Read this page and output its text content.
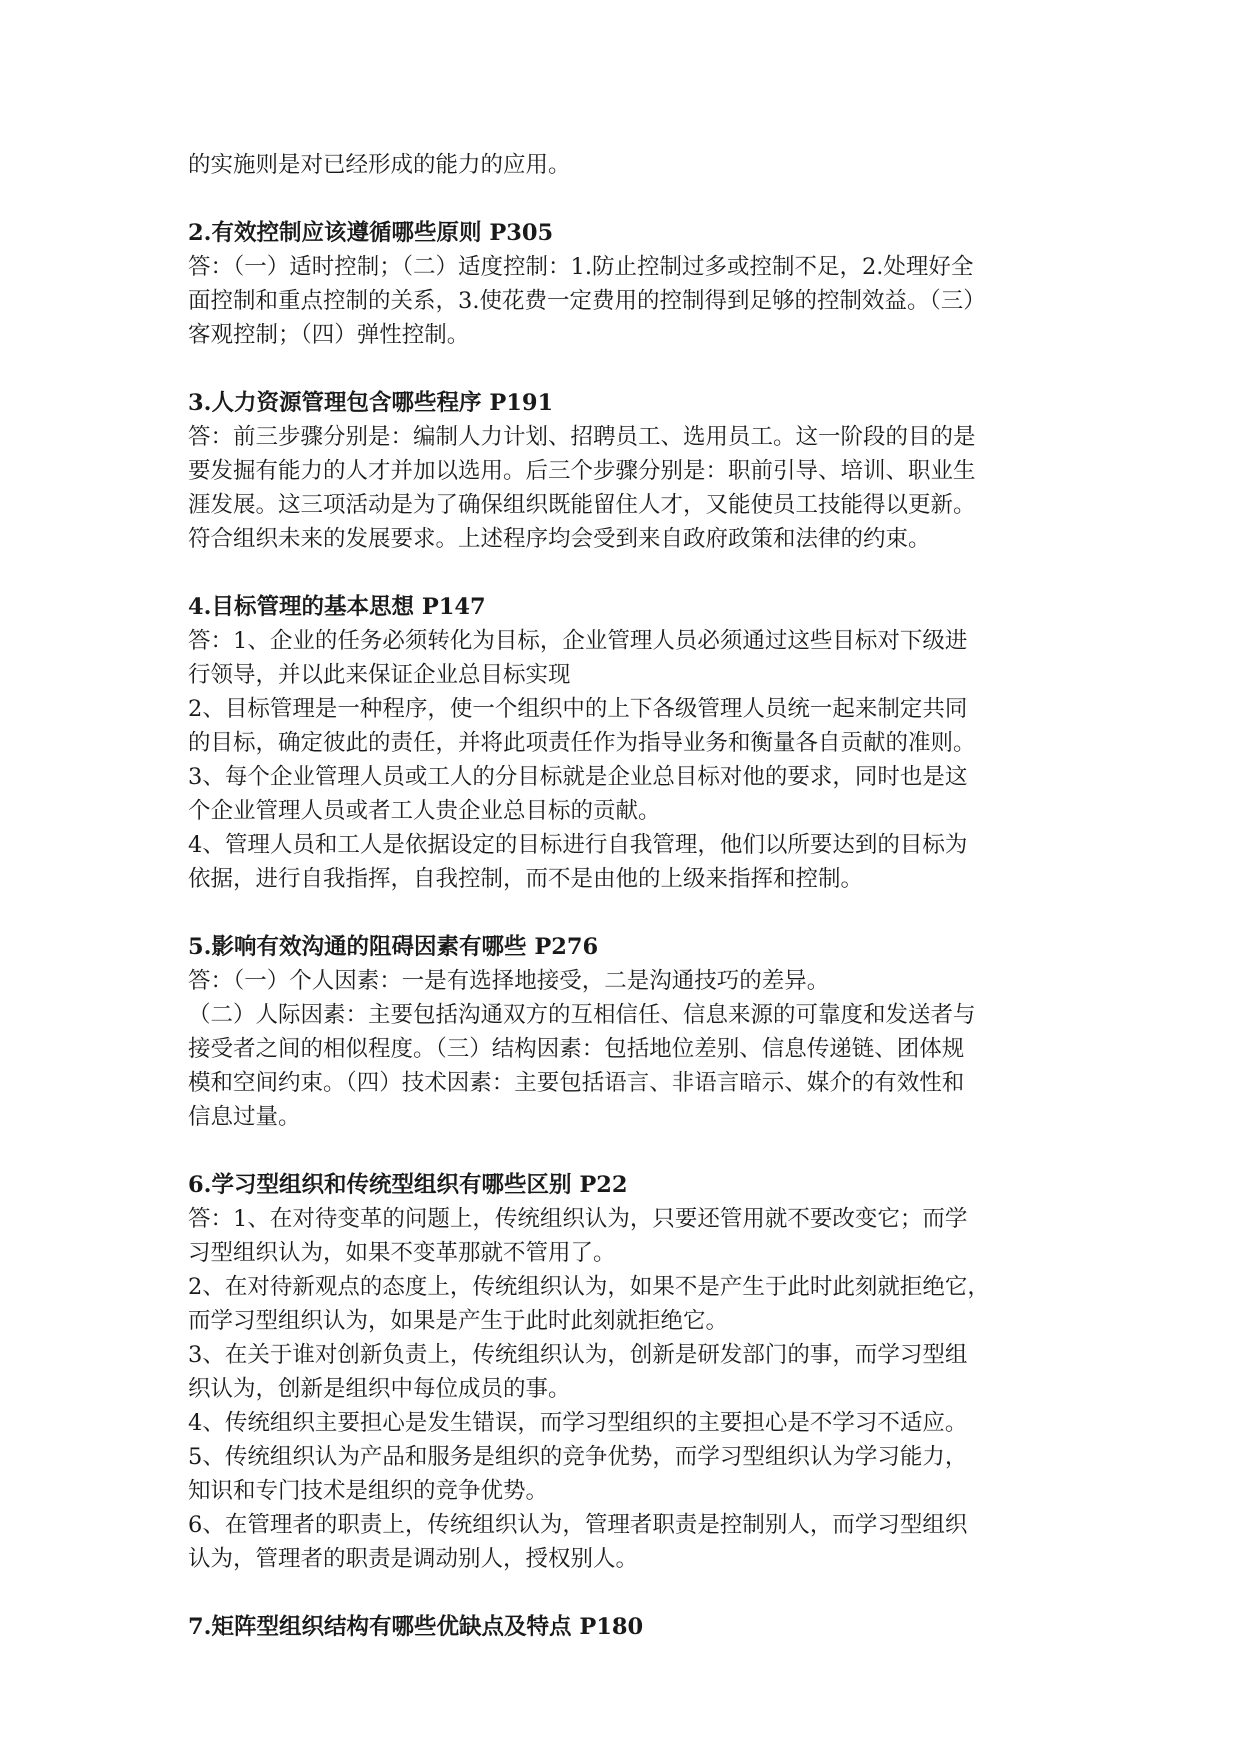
的实施则是对已经形成的能力的应用。
2.有效控制应该遵循哪些原则 P305
答：（一）适时控制；（二）适度控制：1.防止控制过多或控制不足，2.处理好全
面控制和重点控制的关系，3.使花费一定费用的控制得到足够的控制效益。（三）
客观控制；（四）弹性控制。
3.人力资源管理包含哪些程序 P191
答：前三步骤分别是：编制人力计划、招聘员工、选用员工。这一阶段的目的是
要发掘有能力的人才并加以选用。后三个步骤分别是：职前引导、培训、职业生
涯发展。这三项活动是为了确保组织既能留住人才，又能使员工技能得以更新。
符合组织未来的发展要求。上述程序均会受到来自政府政策和法律的约束。
4.目标管理的基本思想 P147
答：1、企业的任务必须转化为目标，企业管理人员必须通过这些目标对下级进
行领导，并以此来保证企业总目标实现
2、目标管理是一种程序，使一个组织中的上下各级管理人员统一起来制定共同
的目标，确定彼此的责任，并将此项责任作为指导业务和衡量各自贡献的准则。
3、每个企业管理人员或工人的分目标就是企业总目标对他的要求，同时也是这
个企业管理人员或者工人贵企业总目标的贡献。
4、管理人员和工人是依据设定的目标进行自我管理，他们以所要达到的目标为
依据，进行自我指挥，自我控制，而不是由他的上级来指挥和控制。
5.影响有效沟通的阻碍因素有哪些 P276
答：（一）个人因素：一是有选择地接受，二是沟通技巧的差异。
（二）人际因素：主要包括沟通双方的互相信任、信息来源的可靠度和发送者与
接受者之间的相似程度。（三）结构因素：包括地位差别、信息传递链、团体规
模和空间约束。（四）技术因素：主要包括语言、非语言暗示、媒介的有效性和
信息过量。
6.学习型组织和传统型组织有哪些区别 P22
答：1、在对待变革的问题上，传统组织认为，只要还管用就不要改变它；而学
习型组织认为，如果不变革那就不管用了。
2、在对待新观点的态度上，传统组织认为，如果不是产生于此时此刻就拒绝它，
而学习型组织认为，如果是产生于此时此刻就拒绝它。
3、在关于谁对创新负责上，传统组织认为，创新是研发部门的事，而学习型组
织认为，创新是组织中每位成员的事。
4、传统组织主要担心是发生错误，而学习型组织的主要担心是不学习不适应。
5、传统组织认为产品和服务是组织的竞争优势，而学习型组织认为学习能力，
知识和专门技术是组织的竞争优势。
6、在管理者的职责上，传统组织认为，管理者职责是控制别人，而学习型组织
认为，管理者的职责是调动别人，授权别人。
7.矩阵型组织结构有哪些优缺点及特点 P180
